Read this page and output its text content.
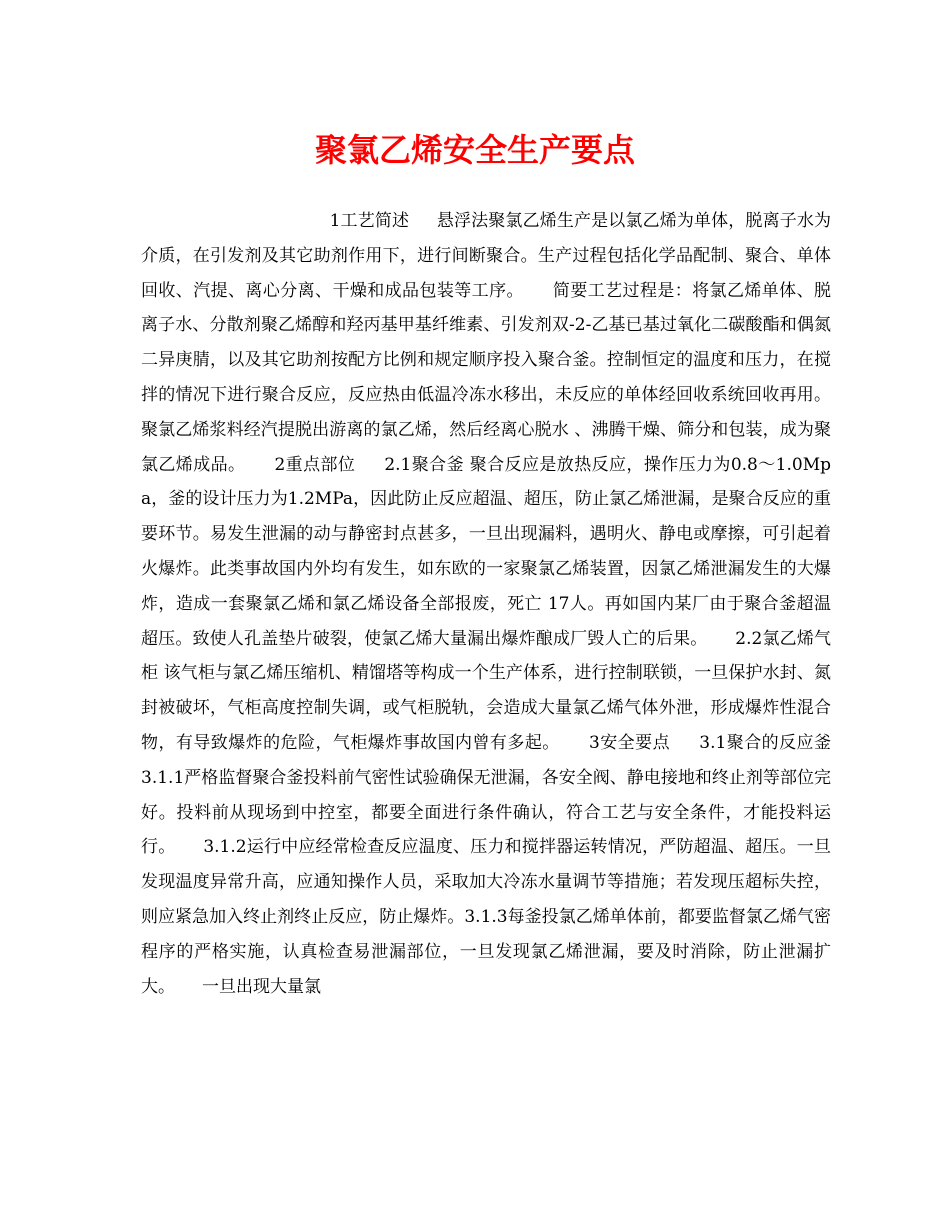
聚氯乙烯安全生产要点

1工艺简述     悬浮法聚氯乙烯生产是以氯乙烯为单体，脱离子水为介质，在引发剂及其它助剂作用下，进行间断聚合。生产过程包括化学品配制、聚合、单体回收、汽提、离心分离、干燥和成品包装等工序。     简要工艺过程是：将氯乙烯单体、脱离子水、分散剂聚乙烯醇和羟丙基甲基纤维素、引发剂双-2-乙基已基过氧化二碳酸酯和偶氮二异庚腈，以及其它助剂按配方比例和规定顺序投入聚合釜。控制恒定的温度和压力，在搅拌的情况下进行聚合反应，反应热由低温冷冻水移出，未反应的单体经回收系统回收再用。聚氯乙烯浆料经汽提脱出游离的氯乙烯，然后经离心脱水 、沸腾干燥、筛分和包装，成为聚氯乙烯成品。     2重点部位     2.1聚合釜 聚合反应是放热反应，操作压力为0.8～1.0Mpa，釜的设计压力为1.2MPa，因此防止反应超温、超压，防止氯乙烯泄漏，是聚合反应的重要环节。易发生泄漏的动与静密封点甚多，一旦出现漏料，遇明火、静电或摩擦，可引起着火爆炸。此类事故国内外均有发生，如东欧的一家聚氯乙烯装置，因氯乙烯泄漏发生的大爆炸，造成一套聚氯乙烯和氯乙烯设备全部报废，死亡 17人。再如国内某厂由于聚合釜超温超压。致使人孔盖垫片破裂，使氯乙烯大量漏出爆炸酿成厂毁人亡的后果。     2.2氯乙烯气柜 该气柜与氯乙烯压缩机、精馏塔等构成一个生产体系，进行控制联锁，一旦保护水封、氮封被破坏，气柜高度控制失调，或气柜脱轨，会造成大量氯乙烯气体外泄，形成爆炸性混合物，有导致爆炸的危险，气柜爆炸事故国内曾有多起。     3安全要点     3.1聚合的反应釜 3.1.1严格监督聚合釜投料前气密性试验确保无泄漏，各安全阀、静电接地和终止剂等部位完好。投料前从现场到中控室，都要全面进行条件确认，符合工艺与安全条件，才能投料运行。     3.1.2运行中应经常检查反应温度、压力和搅拌器运转情况，严防超温、超压。一旦发现温度异常升高，应通知操作人员，采取加大冷冻水量调节等措施；若发现压超标失控，则应紧急加入终止剂终止反应，防止爆炸。3.1.3每釜投氯乙烯单体前，都要监督氯乙烯气密程序的严格实施，认真检查易泄漏部位，一旦发现氯乙烯泄漏，要及时消除，防止泄漏扩大。     一旦出现大量氯
